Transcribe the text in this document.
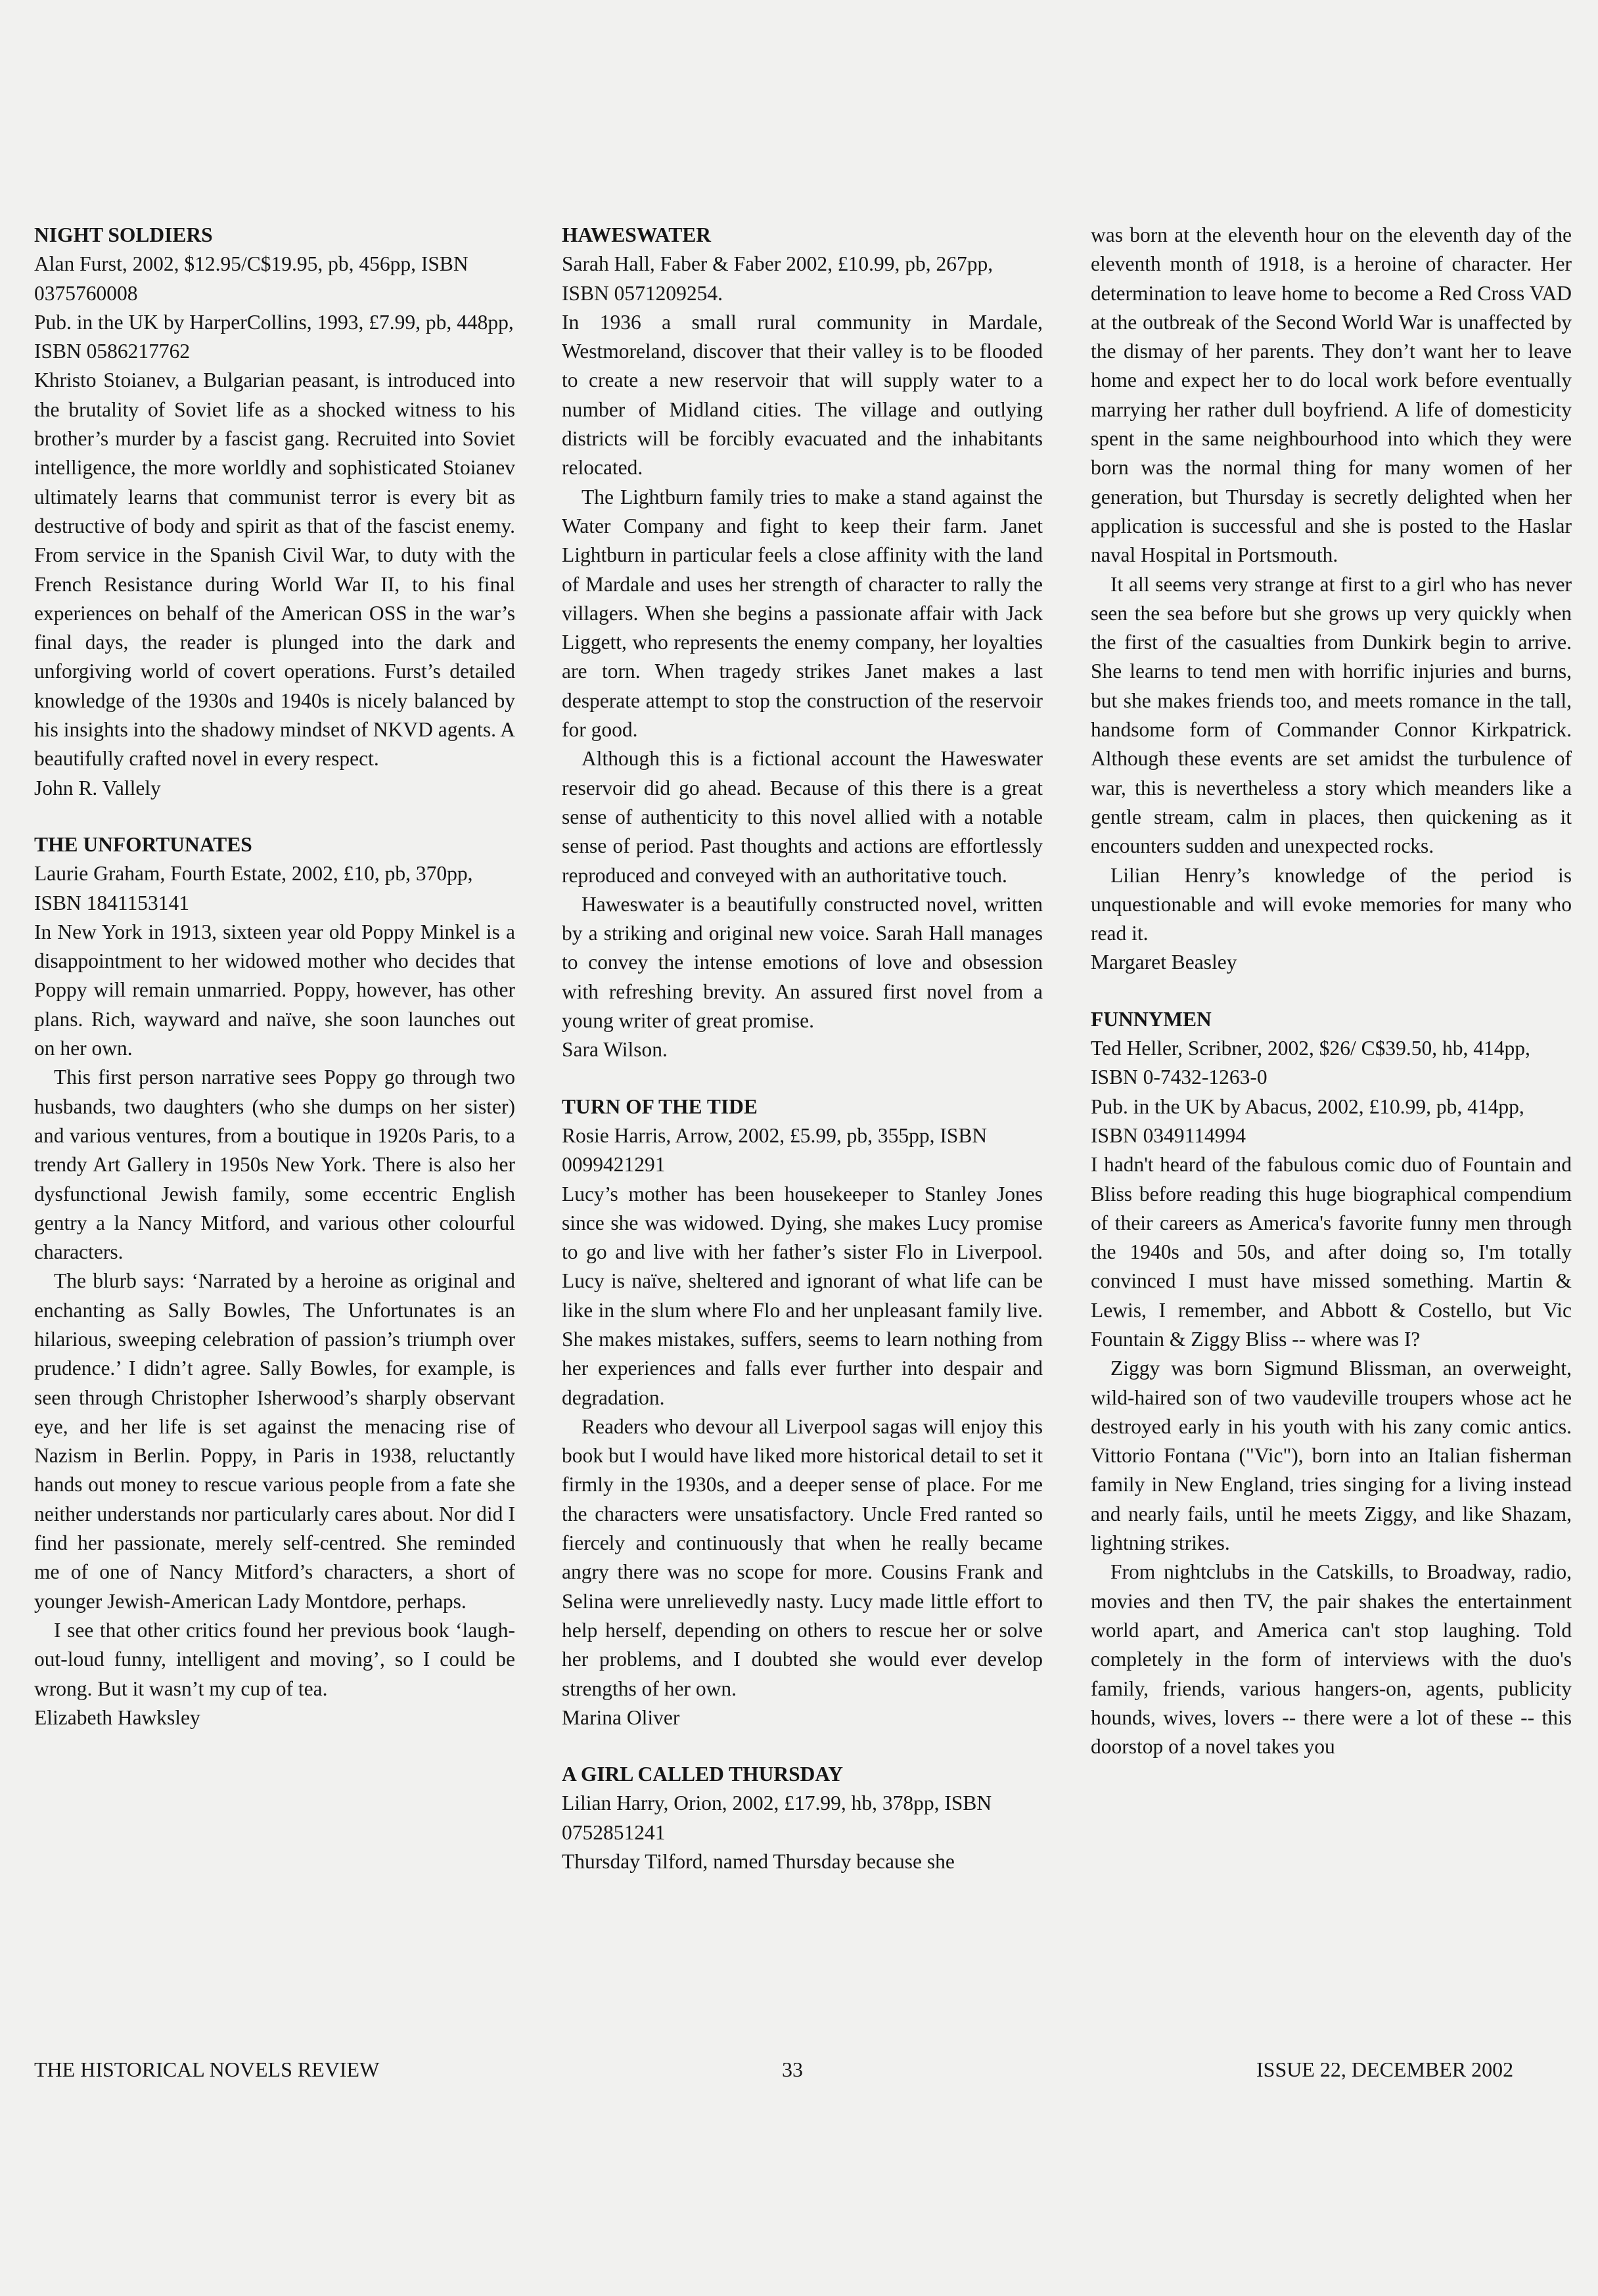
NIGHT SOLDIERS

Alan Furst, 2002, $12.95/C$19.95, pb, 456pp, ISBN 0375760008

Pub. in the UK by HarperCollins, 1993, £7.99, pb, 448pp, ISBN 0586217762

Khristo Stoianev, a Bulgarian peasant, is introduced into the brutality of Soviet life as a shocked witness to his brother’s murder by a fascist gang. Recruited into Soviet intelligence, the more worldly and sophisticated Stoianev ultimately learns that communist terror is every bit as destructive of body and spirit as that of the fascist enemy. From service in the Spanish Civil War, to duty with the French Resistance during World War II, to his final experiences on behalf of the American OSS in the war’s final days, the reader is plunged into the dark and unforgiving world of covert operations. Furst’s detailed knowledge of the 1930s and 1940s is nicely balanced by his insights into the shadowy mindset of NKVD agents. A beautifully crafted novel in every respect.

John R. Vallely

THE UNFORTUNATES

Laurie Graham, Fourth Estate, 2002, £10, pb, 370pp, ISBN 1841153141

In New York in 1913, sixteen year old Poppy Minkel is a disappointment to her widowed mother who decides that Poppy will remain unmarried. Poppy, however, has other plans. Rich, wayward and naïve, she soon launches out on her own.

This first person narrative sees Poppy go through two husbands, two daughters (who she dumps on her sister) and various ventures, from a boutique in 1920s Paris, to a trendy Art Gallery in 1950s New York. There is also her dysfunctional Jewish family, some eccentric English gentry a la Nancy Mitford, and various other colourful characters.

The blurb says: ‘Narrated by a heroine as original and enchanting as Sally Bowles, The Unfortunates is an hilarious, sweeping celebration of passion’s triumph over prudence.’ I didn’t agree. Sally Bowles, for example, is seen through Christopher Isherwood’s sharply observant eye, and her life is set against the menacing rise of Nazism in Berlin. Poppy, in Paris in 1938, reluctantly hands out money to rescue various people from a fate she neither understands nor particularly cares about. Nor did I find her passionate, merely self-centred. She reminded me of one of Nancy Mitford’s characters, a short of younger Jewish-American Lady Montdore, perhaps.

I see that other critics found her previous book ‘laugh-out-loud funny, intelligent and moving’, so I could be wrong. But it wasn’t my cup of tea.

Elizabeth Hawksley

HAWESWATER

Sarah Hall, Faber & Faber 2002, £10.99, pb, 267pp, ISBN 0571209254.

In 1936 a small rural community in Mardale, Westmoreland, discover that their valley is to be flooded to create a new reservoir that will supply water to a number of Midland cities. The village and outlying districts will be forcibly evacuated and the inhabitants relocated.

The Lightburn family tries to make a stand against the Water Company and fight to keep their farm. Janet Lightburn in particular feels a close affinity with the land of Mardale and uses her strength of character to rally the villagers. When she begins a passionate affair with Jack Liggett, who represents the enemy company, her loyalties are torn. When tragedy strikes Janet makes a last desperate attempt to stop the construction of the reservoir for good.

Although this is a fictional account the Haweswater reservoir did go ahead. Because of this there is a great sense of authenticity to this novel allied with a notable sense of period. Past thoughts and actions are effortlessly reproduced and conveyed with an authoritative touch.

Haweswater is a beautifully constructed novel, written by a striking and original new voice. Sarah Hall manages to convey the intense emotions of love and obsession with refreshing brevity. An assured first novel from a young writer of great promise.

Sara Wilson.

TURN OF THE TIDE

Rosie Harris, Arrow, 2002, £5.99, pb, 355pp, ISBN 0099421291

Lucy’s mother has been housekeeper to Stanley Jones since she was widowed. Dying, she makes Lucy promise to go and live with her father’s sister Flo in Liverpool. Lucy is naïve, sheltered and ignorant of what life can be like in the slum where Flo and her unpleasant family live. She makes mistakes, suffers, seems to learn nothing from her experiences and falls ever further into despair and degradation.

Readers who devour all Liverpool sagas will enjoy this book but I would have liked more historical detail to set it firmly in the 1930s, and a deeper sense of place. For me the characters were unsatisfactory. Uncle Fred ranted so fiercely and continuously that when he really became angry there was no scope for more. Cousins Frank and Selina were unrelievedly nasty. Lucy made little effort to help herself, depending on others to rescue her or solve her problems, and I doubted she would ever develop strengths of her own.

Marina Oliver

A GIRL CALLED THURSDAY

Lilian Harry, Orion, 2002, £17.99, hb, 378pp, ISBN 0752851241

Thursday Tilford, named Thursday because she

was born at the eleventh hour on the eleventh day of the eleventh month of 1918, is a heroine of character. Her determination to leave home to become a Red Cross VAD at the outbreak of the Second World War is unaffected by the dismay of her parents. They don’t want her to leave home and expect her to do local work before eventually marrying her rather dull boyfriend. A life of domesticity spent in the same neighbourhood into which they were born was the normal thing for many women of her generation, but Thursday is secretly delighted when her application is successful and she is posted to the Haslar naval Hospital in Portsmouth.

It all seems very strange at first to a girl who has never seen the sea before but she grows up very quickly when the first of the casualties from Dunkirk begin to arrive. She learns to tend men with horrific injuries and burns, but she makes friends too, and meets romance in the tall, handsome form of Commander Connor Kirkpatrick. Although these events are set amidst the turbulence of war, this is nevertheless a story which meanders like a gentle stream, calm in places, then quickening as it encounters sudden and unexpected rocks.

Lilian Henry’s knowledge of the period is unquestionable and will evoke memories for many who read it.

Margaret Beasley

FUNNYMEN

Ted Heller, Scribner, 2002, $26/ C$39.50, hb, 414pp, ISBN 0-7432-1263-0

Pub. in the UK by Abacus, 2002, £10.99, pb, 414pp, ISBN 0349114994

I hadn't heard of the fabulous comic duo of Fountain and Bliss before reading this huge biographical compendium of their careers as America's favorite funny men through the 1940s and 50s, and after doing so, I'm totally convinced I must have missed something. Martin & Lewis, I remember, and Abbott & Costello, but Vic Fountain & Ziggy Bliss -- where was I?

Ziggy was born Sigmund Blissman, an overweight, wild-haired son of two vaudeville troupers whose act he destroyed early in his youth with his zany comic antics. Vittorio Fontana ("Vic"), born into an Italian fisherman family in New England, tries singing for a living instead and nearly fails, until he meets Ziggy, and like Shazam, lightning strikes.

From nightclubs in the Catskills, to Broadway, radio, movies and then TV, the pair shakes the entertainment world apart, and America can't stop laughing. Told completely in the form of interviews with the duo's family, friends, various hangers-on, agents, publicity hounds, wives, lovers -- there were a lot of these -- this doorstop of a novel takes you

THE HISTORICAL NOVELS REVIEW	33	ISSUE 22, DECEMBER 2002
